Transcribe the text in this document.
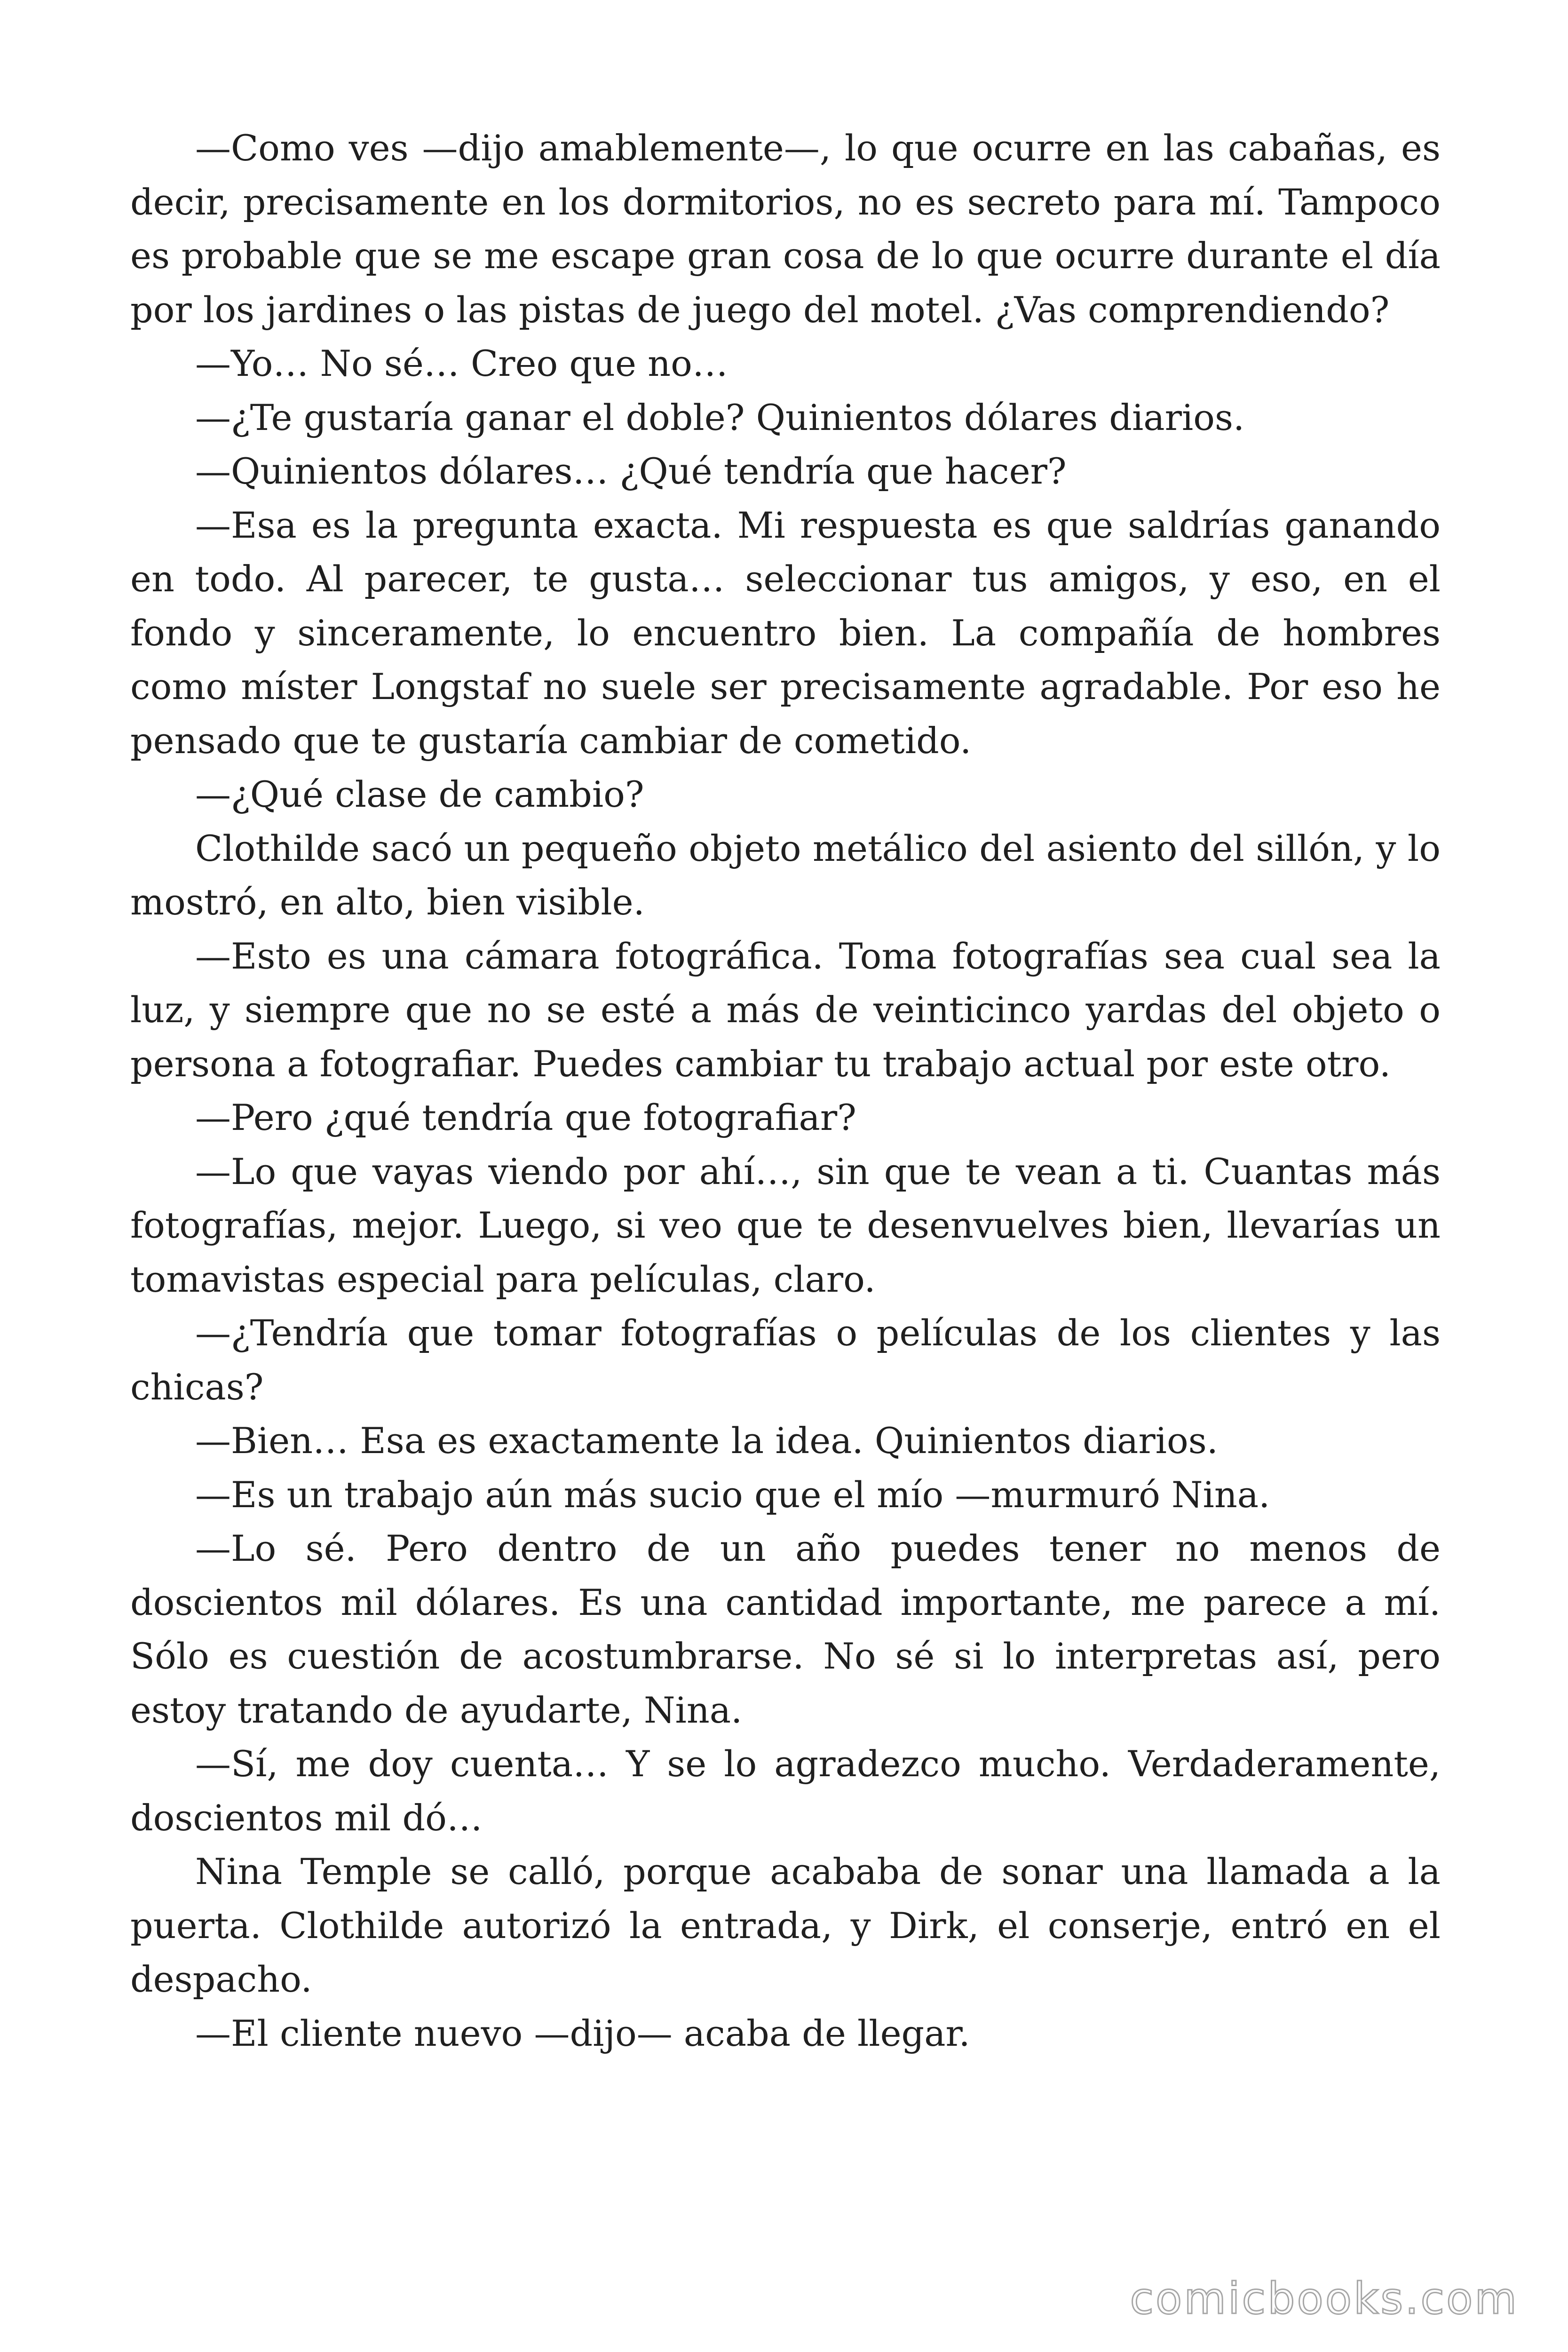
—Como ves —dijo amablemente—, lo que ocurre en las cabañas, es decir, precisamente en los dormitorios, no es secreto para mí. Tampoco es probable que se me escape gran cosa de lo que ocurre durante el día por los jardines o las pistas de juego del motel. ¿Vas comprendiendo?

—Yo… No sé… Creo que no…

—¿Te gustaría ganar el doble? Quinientos dólares diarios.

—Quinientos dólares… ¿Qué tendría que hacer?

—Esa es la pregunta exacta. Mi respuesta es que saldrías ganando en todo. Al parecer, te gusta… seleccionar tus amigos, y eso, en el fondo y sinceramente, lo encuentro bien. La compañía de hombres como míster Longstaf no suele ser precisamente agradable. Por eso he pensado que te gustaría cambiar de cometido.

—¿Qué clase de cambio?

Clothilde sacó un pequeño objeto metálico del asiento del sillón, y lo mostró, en alto, bien visible.

—Esto es una cámara fotográfica. Toma fotografías sea cual sea la luz, y siempre que no se esté a más de veinticinco yardas del objeto o persona a fotografiar. Puedes cambiar tu trabajo actual por este otro.

—Pero ¿qué tendría que fotografiar?

—Lo que vayas viendo por ahí…, sin que te vean a ti. Cuantas más fotografías, mejor. Luego, si veo que te desenvuelves bien, llevarías un tomavistas especial para películas, claro.

—¿Tendría que tomar fotografías o películas de los clientes y las chicas?

—Bien… Esa es exactamente la idea. Quinientos diarios.

—Es un trabajo aún más sucio que el mío —murmuró Nina.

—Lo sé. Pero dentro de un año puedes tener no menos de doscientos mil dólares. Es una cantidad importante, me parece a mí. Sólo es cuestión de acostumbrarse. No sé si lo interpretas así, pero estoy tratando de ayudarte, Nina.

—Sí, me doy cuenta… Y se lo agradezco mucho. Verdaderamente, doscientos mil dó…

Nina Temple se calló, porque acababa de sonar una llamada a la puerta. Clothilde autorizó la entrada, y Dirk, el conserje, entró en el despacho.

—El cliente nuevo —dijo— acaba de llegar.

comicbooks.com
